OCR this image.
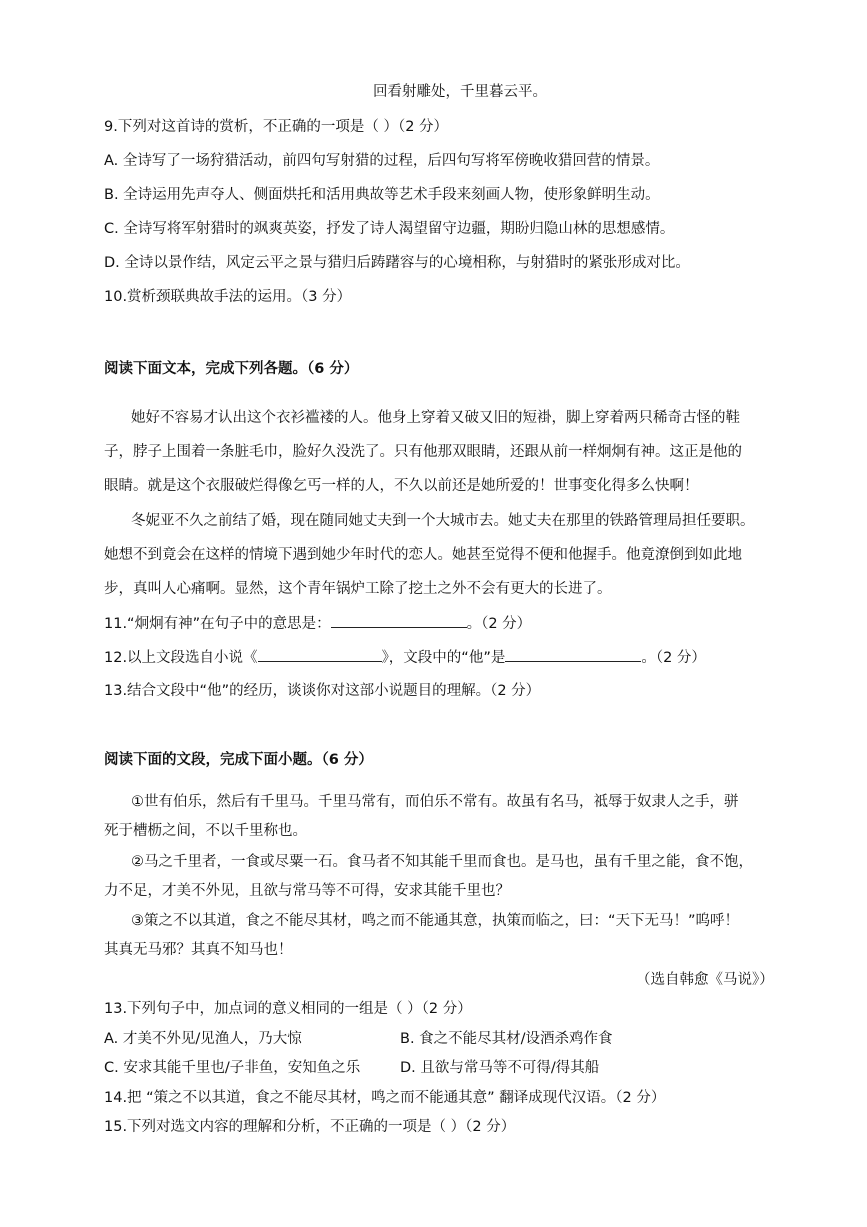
回看射雕处，千里暮云平。
9.下列对这首诗的赏析，不正确的一项是（ ）（2 分）
A. 全诗写了一场狩猎活动，前四句写射猎的过程，后四句写将军傍晚收猎回营的情景。
B. 全诗运用先声夺人、侧面烘托和活用典故等艺术手段来刻画人物，使形象鲜明生动。
C. 全诗写将军射猎时的飒爽英姿，抒发了诗人渴望留守边疆，期盼归隐山林的思想感情。
D. 全诗以景作结，风定云平之景与猎归后踌躇容与的心境相称，与射猎时的紧张形成对比。
10.赏析颈联典故手法的运用。（3 分）
阅读下面文本，完成下列各题。（6 分）
她好不容易才认出这个衣衫褴褛的人。他身上穿着又破又旧的短褂，脚上穿着两只稀奇古怪的鞋
子，脖子上围着一条脏毛巾，脸好久没洗了。只有他那双眼睛，还跟从前一样炯炯有神。这正是他的
眼睛。就是这个衣服破烂得像乞丐一样的人，不久以前还是她所爱的！世事变化得多么快啊！
冬妮亚不久之前结了婚，现在随同她丈夫到一个大城市去。她丈夫在那里的铁路管理局担任要职。
她想不到竟会在这样的情境下遇到她少年时代的恋人。她甚至觉得不便和他握手。他竟潦倒到如此地
步，真叫人心痛啊。显然，这个青年锅炉工除了挖土之外不会有更大的长进了。
11.“炯炯有神”在句子中的意思是：	。（2 分）
12.以上文段选自小说《	》，文段中的“他”是	。（2 分）
13.结合文段中“他”的经历，谈谈你对这部小说题目的理解。（2 分）
阅读下面的文段，完成下面小题。（6 分）
①世有伯乐，然后有千里马。千里马常有，而伯乐不常有。故虽有名马，祗辱于奴隶人之手，骈
死于槽枥之间，不以千里称也。
②马之千里者，一食或尽粟一石。食马者不知其能千里而食也。是马也，虽有千里之能，食不饱，
力不足，才美不外见，且欲与常马等不可得，安求其能千里也？
③策之不以其道，食之不能尽其材，鸣之而不能通其意，执策而临之，曰：“天下无马！”呜呼！
其真无马邪？其真不知马也！
（选自韩愈《马说》）
13.下列句子中，加点词的意义相同的一组是（ ）（2 分）
A. 才美不外见/见渔人，乃大惊	B. 食之不能尽其材/设酒杀鸡作食
C. 安求其能千里也/子非鱼，安知鱼之乐	D. 且欲与常马等不可得/得其船
14.把 “策之不以其道，食之不能尽其材，鸣之而不能通其意” 翻译成现代汉语。（2 分）
15.下列对选文内容的理解和分析，不正确的一项是（ ）（2 分）
